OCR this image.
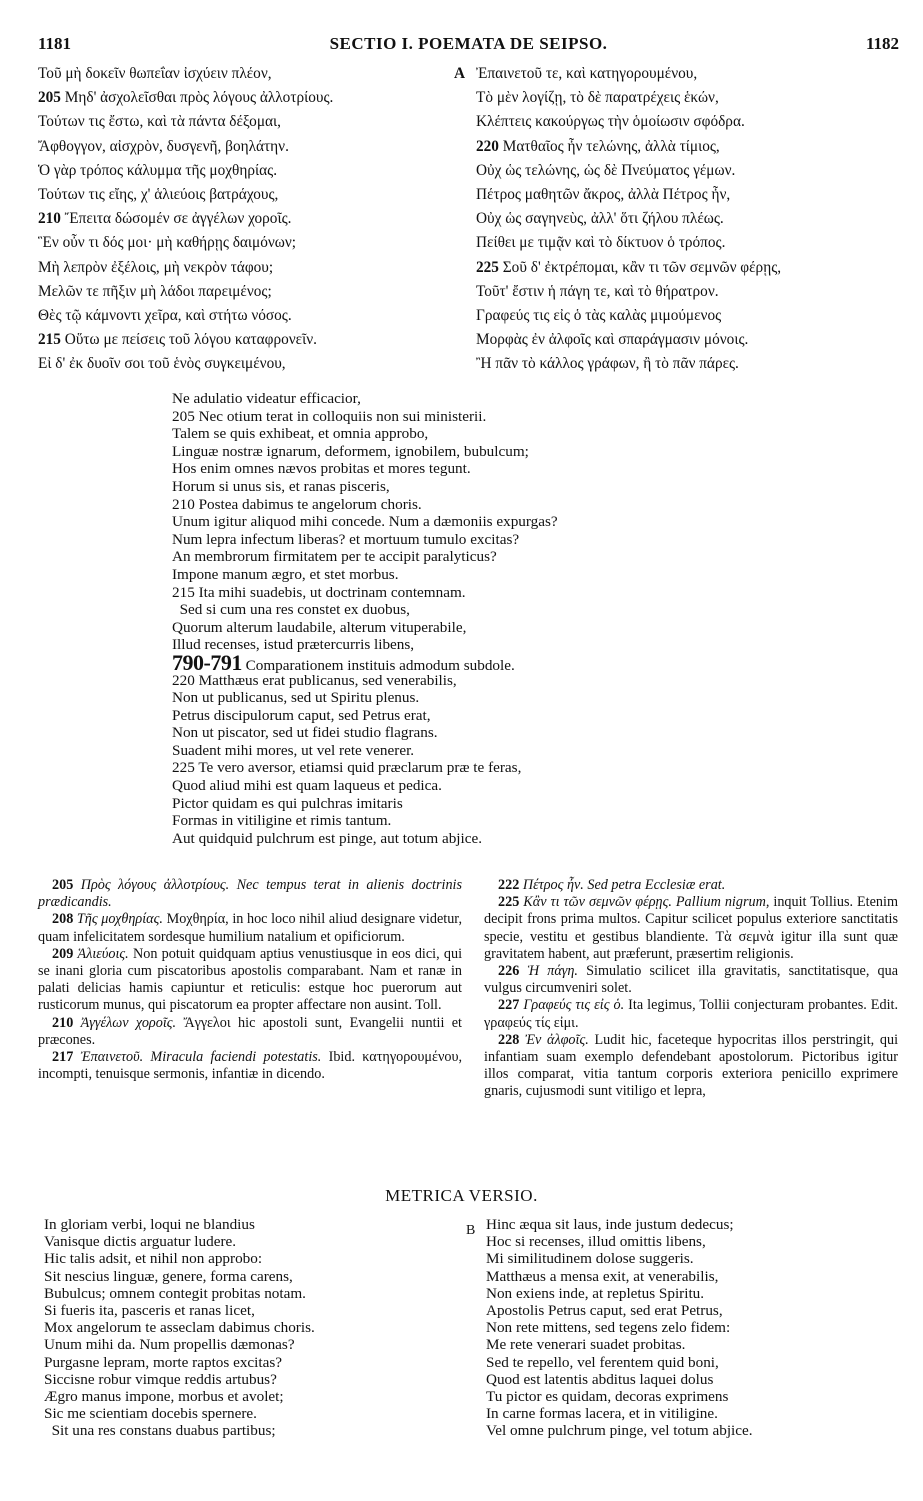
1181	SECTIO I. POEMATA DE SEIPSO.	1182
Τοῦ μὴ δοκεῖν θωπεΐαν ἰσχύειν πλέον,
205 Μηδ' ἀσχολεῖσθαι πρὸς λόγους ἀλλοτρίους.
Τούτων τις ἔστω, καὶ τὰ πάντα δέξομαι,
Ἄφθογγον, αἰσχρὸν, δυσγενῆ, βοηλάτην.
Ὁ γὰρ τρόπος κάλυμμα τῆς μοχθηρίας.
Τούτων τις εἴης, χ' ἁλιεύοις βατράχους,
210 Ἔπειτα δώσομέν σε ἀγγέλων χοροῖς.
Ἓν οὖν τι δός μοι· μὴ καθήρῃς δαιμόνων;
Μὴ λεπρὸν ἐξέλοις, μὴ νεκρὸν τάφου;
Μελῶν τε πῆξιν μὴ λάδοι παρειμένος;
Θὲς τῷ κάμνοντι χεῖρα, καὶ στήτω νόσος.
215 Οὕτω με πείσεις τοῦ λόγου καταφρονεῖν.
Εἰ δ' ἐκ δυοῖν σοι τοῦ ἑνὸς συγκειμένου,
A Ἐπαινετοῦ τε, καὶ κατηγορουμένου,
Τὸ μὲν λογίζῃ, τὸ δὲ παρατρέχεις ἑκών,
Κλέπτεις κακούργως τὴν ὁμοίωσιν σφόδρα.
220 Ματθαῖος ἦν τελώνης, ἀλλὰ τίμιος,
Οὐχ ὡς τελώνης, ὡς δὲ Πνεύματος γέμων.
Πέτρος μαθητῶν ἄκρος, ἀλλὰ Πέτρος ἦν,
Οὐχ ὡς σαγηνεὺς, ἀλλ' ὅτι ζήλου πλέως.
Πείθει με τιμᾷν καὶ τὸ δίκτυον ὁ τρόπος.
225 Σοῦ δ' ἐκτρέπομαι, κἂν τι τῶν σεμνῶν φέρῃς,
Τοῦτ' ἔστιν ἡ πάγη τε, καὶ τὸ θήρατρον.
Γραφεύς τις εἰς ὁ τὰς καλὰς μιμούμενος
Μορφὰς ἐν ἀλφοῖς καὶ σπαράγμασιν μόνοις.
Ἢ πᾶν τὸ κάλλος γράφων, ἢ τὸ πᾶν πάρες.
Ne adulatio videatur efficacior,
205 Nec otium terat in colloquiis non sui ministerii.
Talem se quis exhibeat, et omnia approbo,
Linguæ nostræ ignarum, deformem, ignobilem, bubulcum;
Hos enim omnes nævos probitas et mores tegunt.
Horum si unus sis, et ranas pisceris,
210 Postea dabimus te angelorum choris.
Unum igitur aliquod mihi concede. Num a dæmoniis expurgas?
Num lepra infectum liberas? et mortuum tumulo excitas?
An membrorum firmitatem per te accipit paralyticus?
Impone manum ægro, et stet morbus.
215 Ita mihi suadebis, ut doctrinam contemnam.
Sed si cum una res constet ex duobus,
Quorum alterum laudabile, alterum vituperabile,
Illud recenses, istud prætercurris libens,
790-791 Comparationem instituis admodum subdole.
220 Matthæus erat publicanus, sed venerabilis,
Non ut publicanus, sed ut Spiritu plenus.
Petrus discipulorum caput, sed Petrus erat,
Non ut piscator, sed ut fidei studio flagrans.
Suadent mihi mores, ut vel rete venerer.
225 Te vero aversor, etiamsi quid præclarum præ te feras,
Quod aliud mihi est quam laqueus et pedica.
Pictor quidam es qui pulchras imitaris
Formas in vitiligine et rimis tantum.
Aut quidquid pulchrum est pinge, aut totum abjice.

205 Πρὸς λόγους ἀλλοτρίους. Nec tempus terat in alienis doctrinis prædicandis.

208 Τῆς μοχθηρίας. Μοχθηρία, in hoc loco nihil aliud designare videtur, quam infelicitatem sordesque humilium natalium et opificiorum.

209 Ἁλιεύοις. Non potuit quidquam aptius venustiusque in eos dici, qui se inani gloria cum piscatoribus apostolis comparabant. Nam et ranæ in palati delicias hamis capiuntur et reticulis: estque hoc puerorum aut rusticorum munus, qui piscatorum ea propter affectare non ausint. Toll.

210 Ἀγγέλων χοροῖς. Ἄγγελοι hic apostoli sunt, Evangelii nuntii et præcones.

217 Ἐπαινετοῦ. Miracula faciendi potestatis. Ibid. κατηγορουμένου, incompti, tenuisque sermonis, infantiæ in dicendo.

222 Πέτρος ἦν. Sed petra Ecclesiæ erat.

225 Κἂν τι τῶν σεμνῶν φέρῃς. Pallium nigrum, inquit Tollius. Etenim decipit frons prima multos. Capitur scilicet populus exteriore sanctitatis specie, vestitu et gestibus blandiente. Τὰ σεμνὰ igitur illa sunt quæ gravitatem habent, aut præferunt, præsertim religionis.

226 Ἡ πάγη. Simulatio scilicet illa gravitatis, sanctitatisque, qua vulgus circumveniri solet.

227 Γραφεύς τις εἰς ὁ. Ita legimus, Tollii conjecturam probantes. Edit. γραφεύς τίς εἰμι.

228 Ἐν ἀλφοῖς. Ludit hic, faceteque hypocritas illos perstringit, qui infantiam suam exemplo defendebant apostolorum. Pictoribus igitur illos comparat, vitia tantum corporis exteriora penicillo exprimere gnaris, cujusmodi sunt vitiligo et lepra,

METRICA VERSIO.
In gloriam verbi, loqui ne blandius
Vanisque dictis arguatur ludere.
Hic talis adsit, et nihil non approbo:
Sit nescius linguæ, genere, forma carens,
Bubulcus; omnem contegit probitas notam.
Si fueris ita, pasceris et ranas licet,
Mox angelorum te asseclam dabimus choris.
Unum mihi da. Num propellis dæmonas?
Purgasne lepram, morte raptos excitas?
Siccisne robur vimque reddis artubus?
Ægro manus impone, morbus et avolet;
Sic me scientiam docebis spernere.
Sit una res constans duabus partibus;
B Hinc æqua sit laus, inde justum dedecus;
Hoc si recenses, illud omittis libens,
Mi similitudinem dolose suggeris.
Matthæus a mensa exit, at venerabilis,
Non exiens inde, at repletus Spiritu.
Apostolis Petrus caput, sed erat Petrus,
Non rete mittens, sed tegens zelo fidem:
Me rete venerari suadet probitas.
Sed te repello, vel ferentem quid boni,
Quod est latentis abditus laquei dolus
Tu pictor es quidam, decoras exprimens
In carne formas lacera, et in vitiligine.
Vel omne pulchrum pinge, vel totum abjice.
